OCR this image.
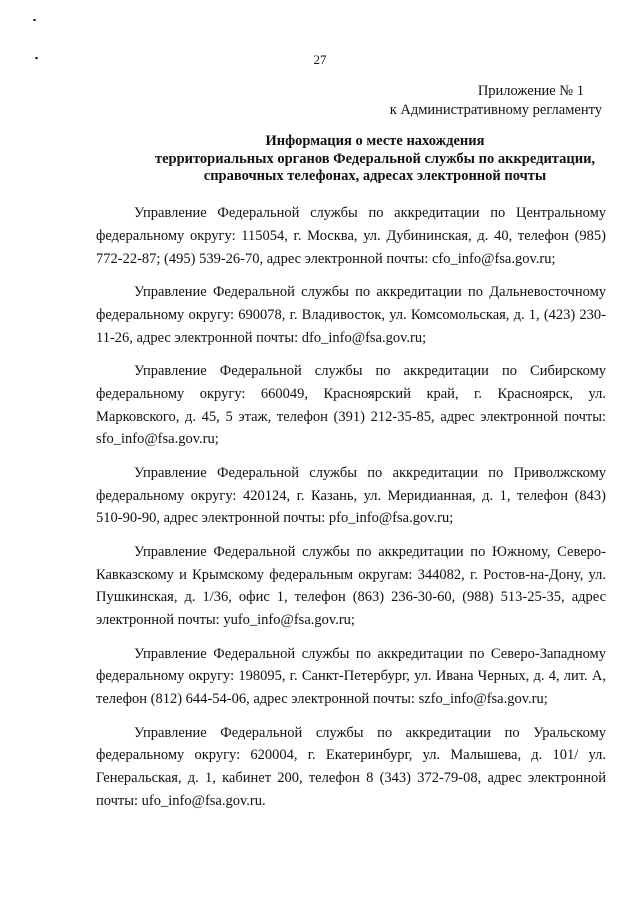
27
Приложение № 1
к Административному регламенту
Информация о месте нахождения
территориальных органов Федеральной службы по аккредитации,
справочных телефонах, адресах электронной почты

Управление Федеральной службы по аккредитации по Центральному федеральному округу: 115054, г. Москва, ул. Дубининская, д. 40, телефон (985) 772-22-87; (495) 539-26-70, адрес электронной почты: cfo_info@fsa.gov.ru;

Управление Федеральной службы по аккредитации по Дальневосточному федеральному округу: 690078, г. Владивосток, ул. Комсомольская, д. 1, (423) 230-11-26, адрес электронной почты: dfo_info@fsa.gov.ru;

Управление Федеральной службы по аккредитации по Сибирскому федеральному округу: 660049, Красноярский край, г. Красноярск, ул. Марковского, д. 45, 5 этаж, телефон (391) 212-35-85, адрес электронной почты: sfo_info@fsa.gov.ru;

Управление Федеральной службы по аккредитации по Приволжскому федеральному округу: 420124, г. Казань, ул. Меридианная, д. 1, телефон (843) 510-90-90, адрес электронной почты: pfo_info@fsa.gov.ru;

Управление Федеральной службы по аккредитации по Южному, Северо-Кавказскому и Крымскому федеральным округам: 344082, г. Ростов-на-Дону, ул. Пушкинская, д. 1/36, офис 1, телефон (863) 236-30-60, (988) 513-25-35, адрес электронной почты: yufo_info@fsa.gov.ru;

Управление Федеральной службы по аккредитации по Северо-Западному федеральному округу: 198095, г. Санкт-Петербург, ул. Ивана Черных, д. 4, лит. А, телефон (812) 644-54-06, адрес электронной почты: szfo_info@fsa.gov.ru;

Управление Федеральной службы по аккредитации по Уральскому федеральному округу: 620004, г. Екатеринбург, ул. Малышева, д. 101/ ул. Генеральская, д. 1, кабинет 200, телефон 8 (343) 372-79-08, адрес электронной почты: ufo_info@fsa.gov.ru.
